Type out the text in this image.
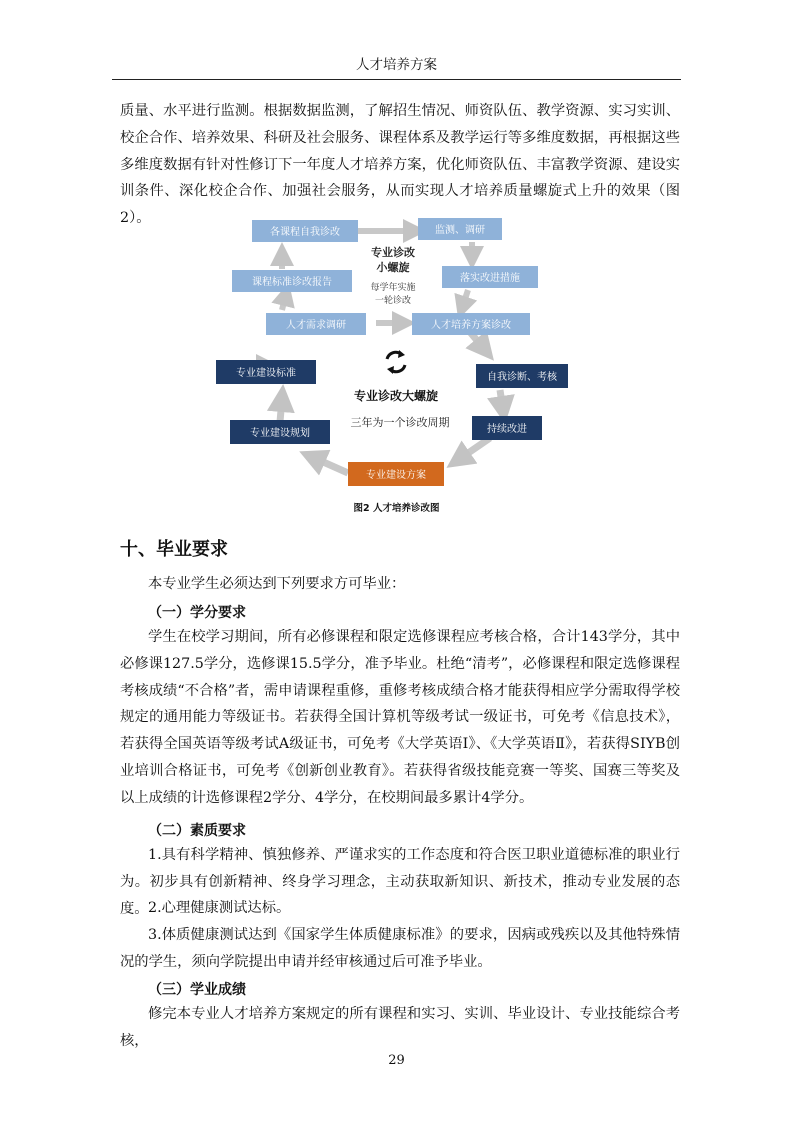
人才培养方案

质量、水平进行监测。根据数据监测，了解招生情况、师资队伍、教学资源、实习实训、校企合作、培养效果、科研及社会服务、课程体系及教学运行等多维度数据，再根据这些多维度数据有针对性修订下一年度人才培养方案，优化师资队伍、丰富教学资源、建设实训条件、深化校企合作、加强社会服务，从而实现人才培养质量螺旋式上升的效果（图2）。

各课程自我诊改	监测、调研
课程标准诊改报告	落实改进措施
人才需求调研	人才培养方案诊改
专业诊改
小螺旋
每学年实施
一轮诊改
专业诊改大螺旋
三年为一个诊改周期
专业建设标准	自我诊断、考核
专业建设规划	持续改进
专业建设方案
图2 人才培养诊改图
十、毕业要求

本专业学生必须达到下列要求方可毕业：

（一）学分要求

学生在校学习期间，所有必修课程和限定选修课程应考核合格，合计143学分，其中必修课127.5学分，选修课15.5学分，准予毕业。杜绝“清考”，必修课程和限定选修课程考核成绩“不合格”者，需申请课程重修，重修考核成绩合格才能获得相应学分需取得学校规定的通用能力等级证书。若获得全国计算机等级考试一级证书，可免考《信息技术》，若获得全国英语等级考试A级证书，可免考《大学英语Ⅰ》、《大学英语Ⅱ》，若获得SIYB创业培训合格证书，可免考《创新创业教育》。若获得省级技能竞赛一等奖、国赛三等奖及以上成绩的计选修课程2学分、4学分，在校期间最多累计4学分。

（二）素质要求

1.具有科学精神、慎独修养、严谨求实的工作态度和符合医卫职业道德标准的职业行为。初步具有创新精神、终身学习理念，主动获取新知识、新技术，推动专业发展的态度。 2.心理健康测试达标。

3.体质健康测试达到《国家学生体质健康标准》的要求，因病或残疾以及其他特殊情况的学生，须向学院提出申请并经审核通过后可准予毕业。

（三）学业成绩

修完本专业人才培养方案规定的所有课程和实习、实训、毕业设计、专业技能综合考核，

29
